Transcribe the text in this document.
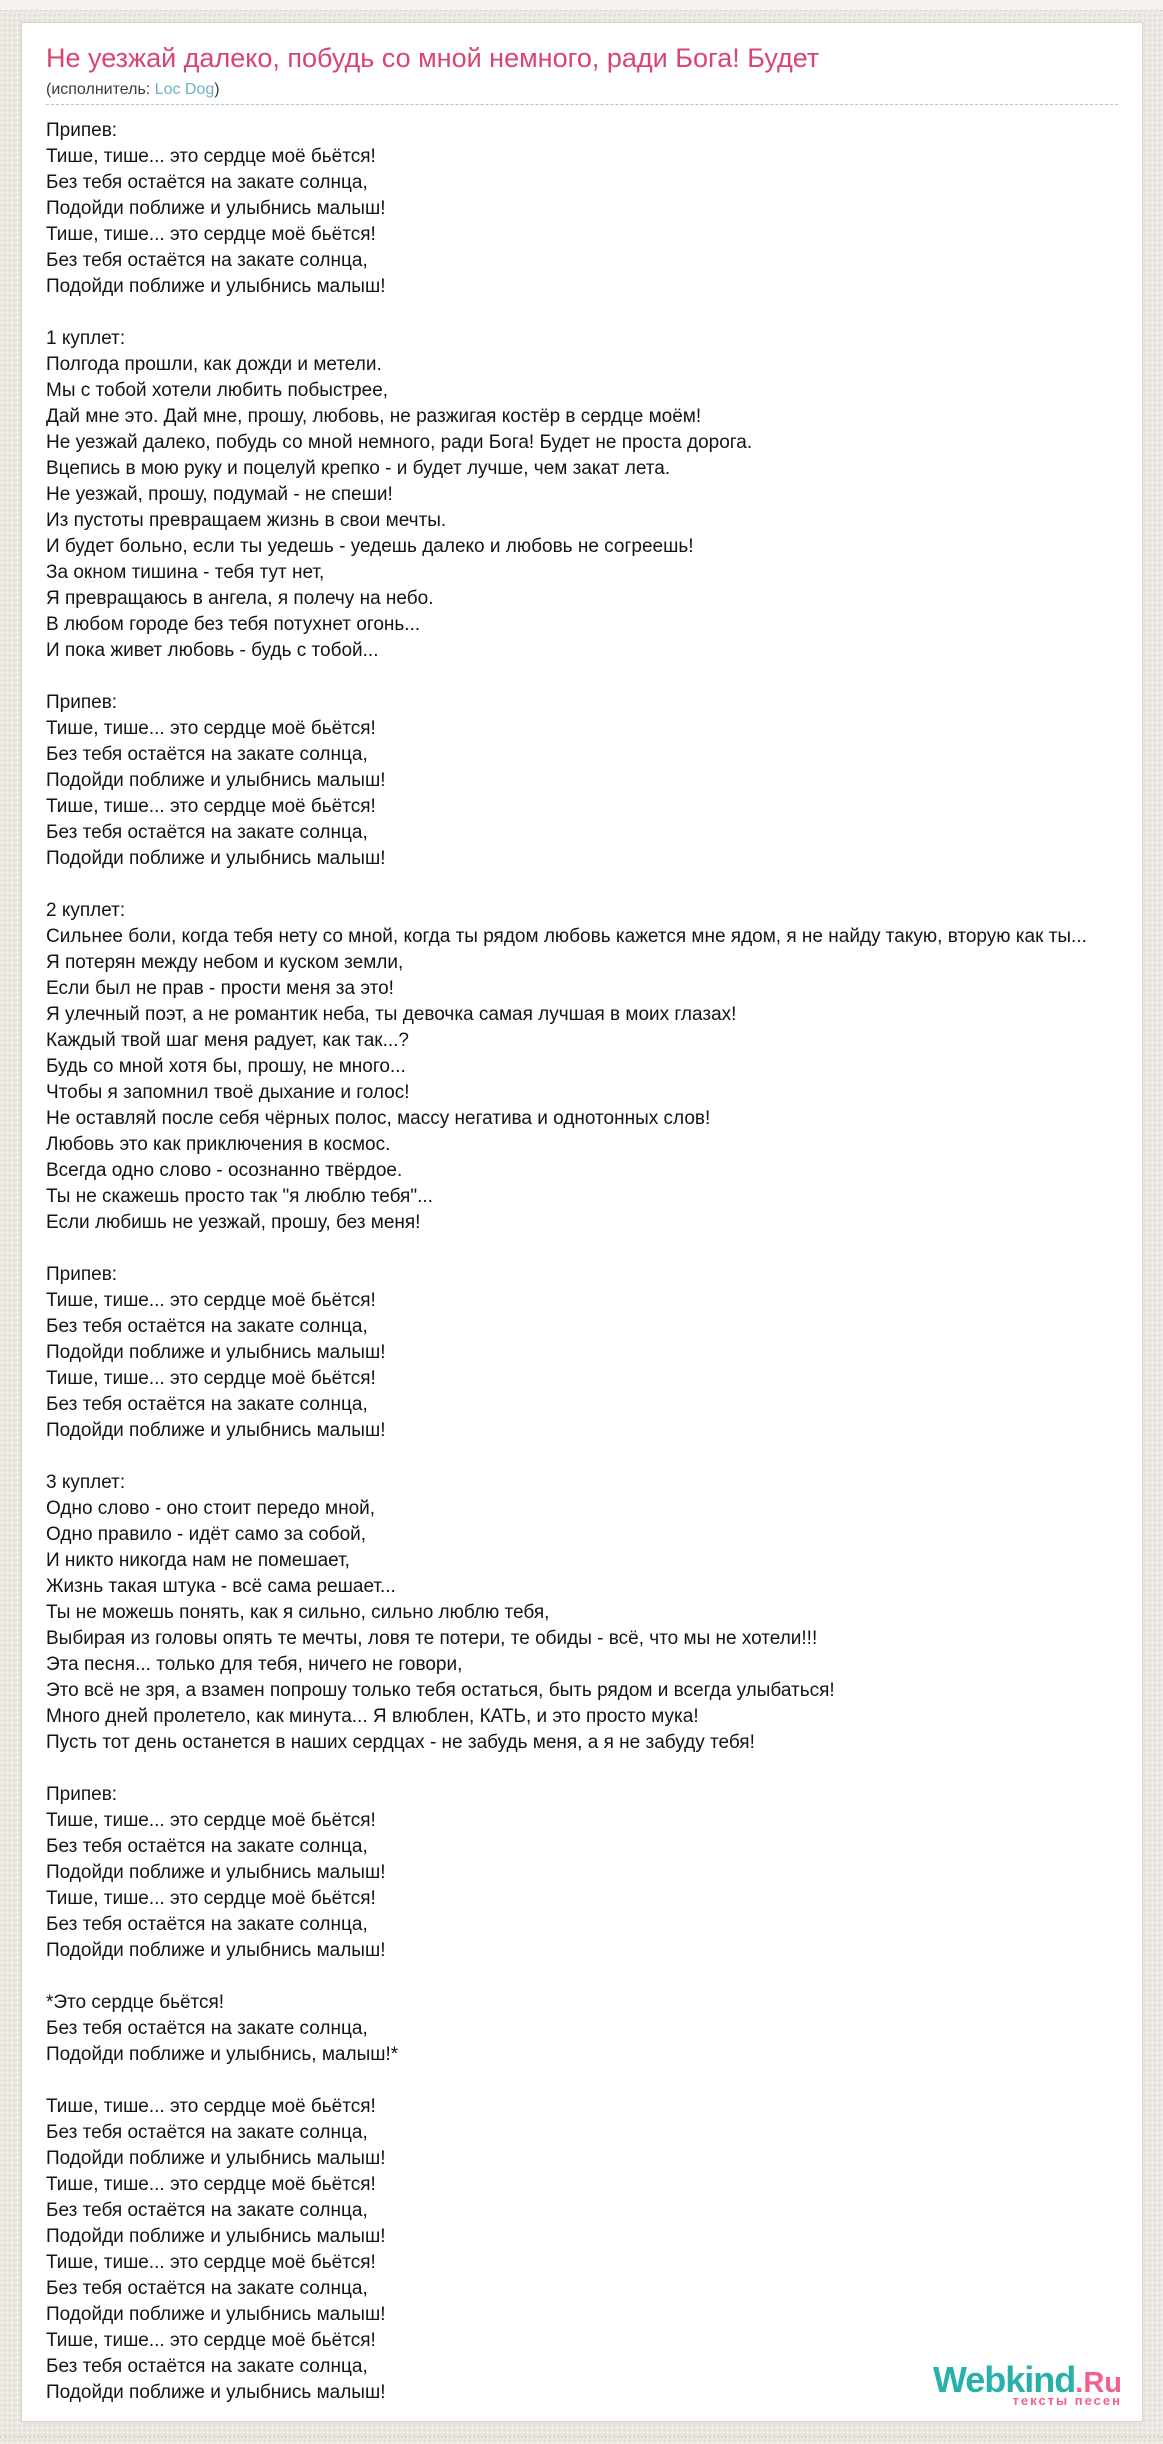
Не уезжай далеко, побудь со мной немного, ради Бога! Будет
(исполнитель: Loc Dog)
Припев:
Тише, тише... это сердце моё бьётся!
Без тебя остаётся на закате солнца,
Подойди поближе и улыбнись малыш!
Тише, тише... это сердце моё бьётся!
Без тебя остаётся на закате солнца,
Подойди поближе и улыбнись малыш!
1 куплет:
Полгода прошли, как дожди и метели.
Мы с тобой хотели любить побыстрее,
Дай мне это. Дай мне, прошу, любовь, не разжигая костёр в сердце моём!
Не уезжай далеко, побудь со мной немного, ради Бога! Будет не проста дорога.
Вцепись в мою руку и поцелуй крепко - и будет лучше, чем закат лета.
Не уезжай, прошу, подумай - не спеши!
Из пустоты превращаем жизнь в свои мечты.
И будет больно, если ты уедешь - уедешь далеко и любовь не согреешь!
За окном тишина - тебя тут нет,
Я превращаюсь в ангела, я полечу на небо.
В любом городе без тебя потухнет огонь...
И пока живет любовь - будь с тобой...
Припев:
Тише, тише... это сердце моё бьётся!
Без тебя остаётся на закате солнца,
Подойди поближе и улыбнись малыш!
Тише, тише... это сердце моё бьётся!
Без тебя остаётся на закате солнца,
Подойди поближе и улыбнись малыш!
2 куплет:
Сильнее боли, когда тебя нету со мной, когда ты рядом любовь кажется мне ядом, я не найду такую, вторую как ты...
Я потерян между небом и куском земли,
Если был не прав - прости меня за это!
Я улечный поэт, а не романтик неба, ты девочка самая лучшая в моих глазах!
Каждый твой шаг меня радует, как так...?
Будь со мной хотя бы, прошу, не много...
Чтобы я запомнил твоё дыхание и голос!
Не оставляй после себя чёрных полос, массу негатива и однотонных слов!
Любовь это как приключения в космос.
Всегда одно слово - осознанно твёрдое.
Ты не скажешь просто так "я люблю тебя"...
Если любишь не уезжай, прошу, без меня!
Припев:
Тише, тише... это сердце моё бьётся!
Без тебя остаётся на закате солнца,
Подойди поближе и улыбнись малыш!
Тише, тише... это сердце моё бьётся!
Без тебя остаётся на закате солнца,
Подойди поближе и улыбнись малыш!
3 куплет:
Одно слово - оно стоит передо мной,
Одно правило - идёт само за собой,
И никто никогда нам не помешает,
Жизнь такая штука - всё сама решает...
Ты не можешь понять, как я сильно, сильно люблю тебя,
Выбирая из головы опять те мечты, ловя те потери, те обиды - всё, что мы не хотели!!!
Эта песня... только для тебя, ничего не говори,
Это всё не зря, а взамен попрошу только тебя остаться, быть рядом и всегда улыбаться!
Много дней пролетело, как минута... Я влюблен, КАТЬ, и это просто мука!
Пусть тот день останется в наших сердцах - не забудь меня, а я не забуду тебя!
Припев:
Тише, тише... это сердце моё бьётся!
Без тебя остаётся на закате солнца,
Подойди поближе и улыбнись малыш!
Тише, тише... это сердце моё бьётся!
Без тебя остаётся на закате солнца,
Подойди поближе и улыбнись малыш!
*Это сердце бьётся!
Без тебя остаётся на закате солнца,
Подойди поближе и улыбнись, малыш!*
Тише, тише... это сердце моё бьётся!
Без тебя остаётся на закате солнца,
Подойди поближе и улыбнись малыш!
Тише, тише... это сердце моё бьётся!
Без тебя остаётся на закате солнца,
Подойди поближе и улыбнись малыш!
Тише, тише... это сердце моё бьётся!
Без тебя остаётся на закате солнца,
Подойди поближе и улыбнись малыш!
Тише, тише... это сердце моё бьётся!
Без тебя остаётся на закате солнца,
Подойди поближе и улыбнись малыш!	Webkind.Ru
тексты песен
